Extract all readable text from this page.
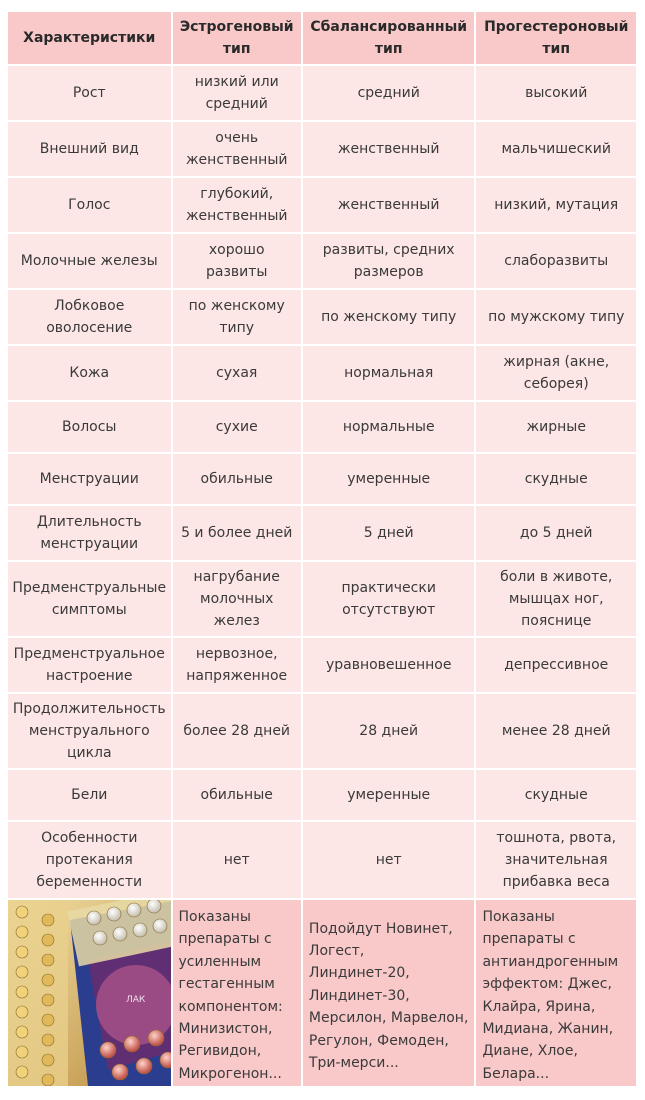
Характеристики	Эстрогеновый тип	Сбалансированный тип	Прогестероновый тип
Рост	низкий или средний	средний	высокий
Внешний вид	очень женственный	женственный	мальчишеский
Голос	глубокий, женственный	женственный	низкий, мутация
Молочные железы	хорошо развиты	развиты, средних размеров	слаборазвиты
Лобковое оволосение	по женскому типу	по женскому типу	по мужскому типу
Кожа	сухая	нормальная	жирная (акне, себорея)
Волосы	сухие	нормальные	жирные
Менструации	обильные	умеренные	скудные
Длительность менструации	5 и более дней	5 дней	до 5 дней
Предменструальные симптомы	нагрубание молочных желез	практически отсутствуют	боли в животе, мышцах ног, пояснице
Предменструальное настроение	нервозное, напряженное	уравновешенное	депрессивное
Продолжительность менструального цикла	более 28 дней	28 дней	менее 28 дней
Бели	обильные	умеренные	скудные
Особенности протекания беременности	нет	нет	тошнота, рвота, значительная прибавка веса

ЛАК	Показаны препараты с усиленным гестагенным компонентом: Минизистон, Регивидон, Микрогенон...	Подойдут Новинет, Логест, Линдинет-20, Линдинет-30, Мерсилон, Марвелон, Регулон, Фемоден, Три-мерси...	Показаны препараты с антиандрогенным эффектом: Джес, Клайра, Ярина, Мидиана, Жанин, Диане, Хлое, Белара...
